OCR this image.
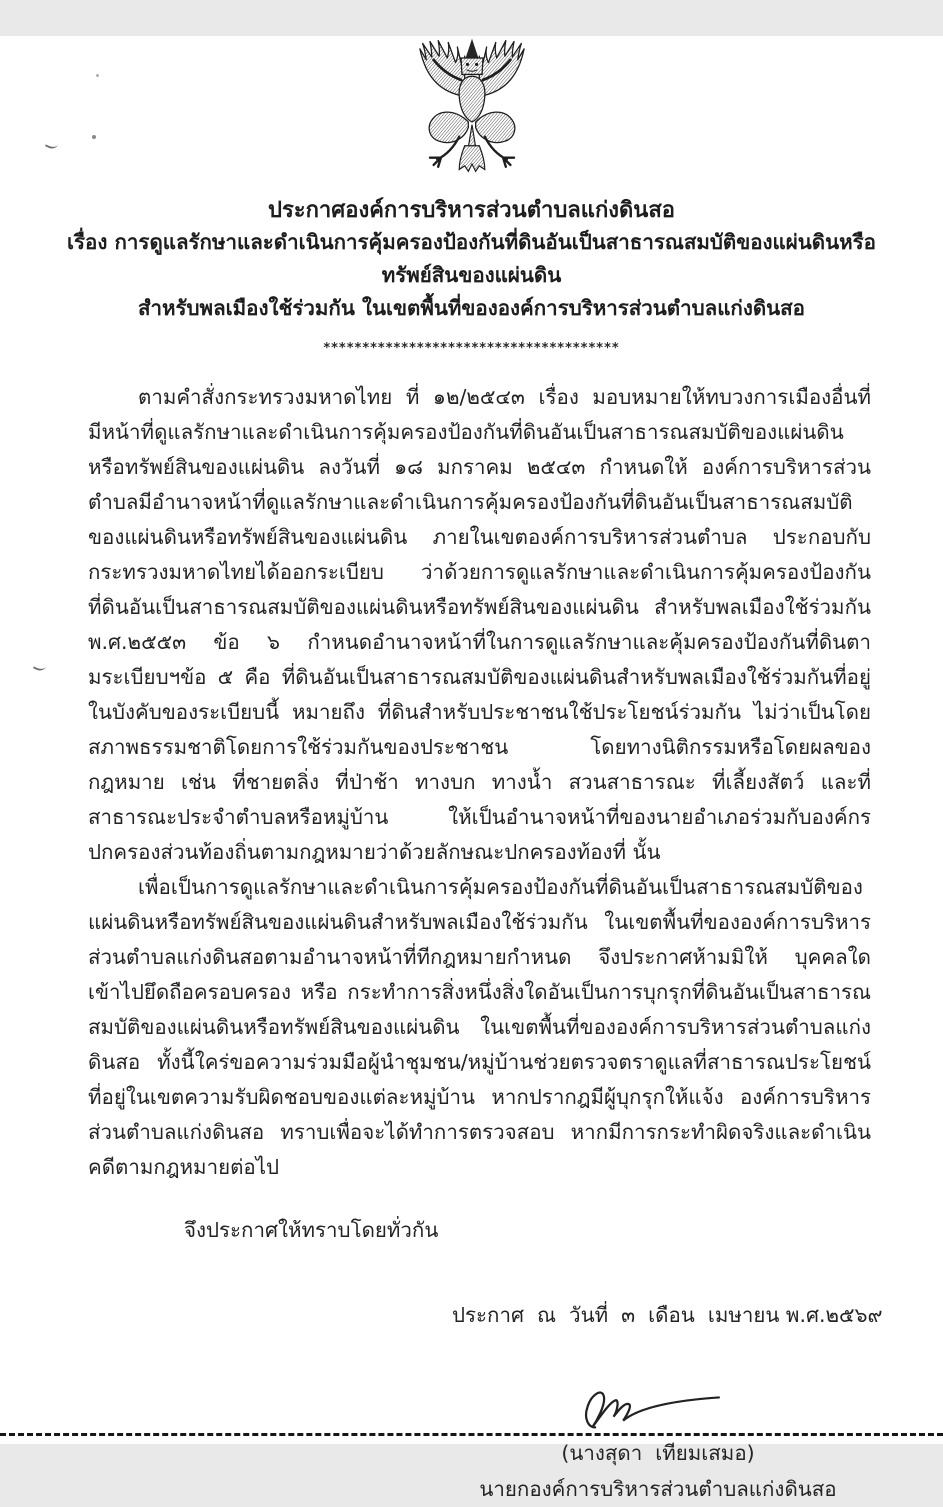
ประกาศองค์การบริหารส่วนตำบลแก่งดินสอ
เรื่อง การดูแลรักษาและดำเนินการคุ้มครองป้องกันที่ดินอันเป็นสาธารณสมบัติของแผ่นดินหรือทรัพย์สินของแผ่นดิน
สำหรับพลเมืองใช้ร่วมกัน ในเขตพื้นที่ขององค์การบริหารส่วนตำบลแก่งดินสอ
**************************************

ตามคำสั่งกระทรวงมหาดไทย ที่ ๑๒/๒๕๔๓ เรื่อง มอบหมายให้ทบวงการเมืองอื่นที่มีหน้าที่ดูแลรักษาและดำเนินการคุ้มครองป้องกันที่ดินอันเป็นสาธารณสมบัติของแผ่นดินหรือทรัพย์สินของแผ่นดิน ลงวันที่ ๑๘ มกราคม ๒๕๔๓ กำหนดให้ องค์การบริหารส่วนตำบลมีอำนาจหน้าที่ดูแลรักษาและดำเนินการคุ้มครองป้องกันที่ดินอันเป็นสาธารณสมบัติของแผ่นดินหรือทรัพย์สินของแผ่นดิน ภายในเขตองค์การบริหารส่วนตำบล ประกอบกับกระทรวงมหาดไทยได้ออกระเบียบ ว่าด้วยการดูแลรักษาและดำเนินการคุ้มครองป้องกันที่ดินอันเป็นสาธารณสมบัติของแผ่นดินหรือทรัพย์สินของแผ่นดิน สำหรับพลเมืองใช้ร่วมกัน พ.ศ.๒๕๕๓ ข้อ ๖ กำหนดอำนาจหน้าที่ในการดูแลรักษาและคุ้มครองป้องกันที่ดินตามระเบียบฯข้อ ๕ คือ ที่ดินอันเป็นสาธารณสมบัติของแผ่นดินสำหรับพลเมืองใช้ร่วมกันที่อยู่ในบังคับของระเบียบนี้ หมายถึง ที่ดินสำหรับประชาชนใช้ประโยชน์ร่วมกัน ไม่ว่าเป็นโดยสภาพธรรมชาติโดยการใช้ร่วมกันของประชาชน โดยทางนิติกรรมหรือโดยผลของกฎหมาย เช่น ที่ชายตลิ่ง ที่ป่าช้า ทางบก ทางน้ำ สวนสาธารณะ ที่เลี้ยงสัตว์ และที่สาธารณะประจำตำบลหรือหมู่บ้าน ให้เป็นอำนาจหน้าที่ของนายอำเภอร่วมกับองค์กรปกครองส่วนท้องถิ่นตามกฎหมายว่าด้วยลักษณะปกครองท้องที่ นั้น

เพื่อเป็นการดูแลรักษาและดำเนินการคุ้มครองป้องกันที่ดินอันเป็นสาธารณสมบัติของแผ่นดินหรือทรัพย์สินของแผ่นดินสำหรับพลเมืองใช้ร่วมกัน ในเขตพื้นที่ขององค์การบริหารส่วนตำบลแก่งดินสอตามอำนาจหน้าที่ทีกฎหมายกำหนด จึงประกาศห้ามมิให้ บุคคลใด เข้าไปยึดถือครอบครอง หรือ กระทำการสิ่งหนึ่งสิ่งใดอันเป็นการบุกรุกที่ดินอันเป็นสาธารณสมบัติของแผ่นดินหรือทรัพย์สินของแผ่นดิน ในเขตพื้นที่ขององค์การบริหารส่วนตำบลแก่งดินสอ ทั้งนี้ใคร่ขอความร่วมมือผู้นำชุมชน/หมู่บ้านช่วยตรวจตราดูแลที่สาธารณประโยชน์ที่อยู่ในเขตความรับผิดชอบของแต่ละหมู่บ้าน หากปรากฎมีผู้บุกรุกให้แจ้ง องค์การบริหารส่วนตำบลแก่งดินสอ ทราบเพื่อจะได้ทำการตรวจสอบ หากมีการกระทำผิดจริงและดำเนินคดีตามกฎหมายต่อไป

จึงประกาศให้ทราบโดยทั่วกัน
ประกาศ  ณ  วันที่  ๓  เดือน  เมษายน พ.ศ.๒๕๖๙
(นางสุดา  เทียมเสมอ)
นายกองค์การบริหารส่วนตำบลแก่งดินสอ
